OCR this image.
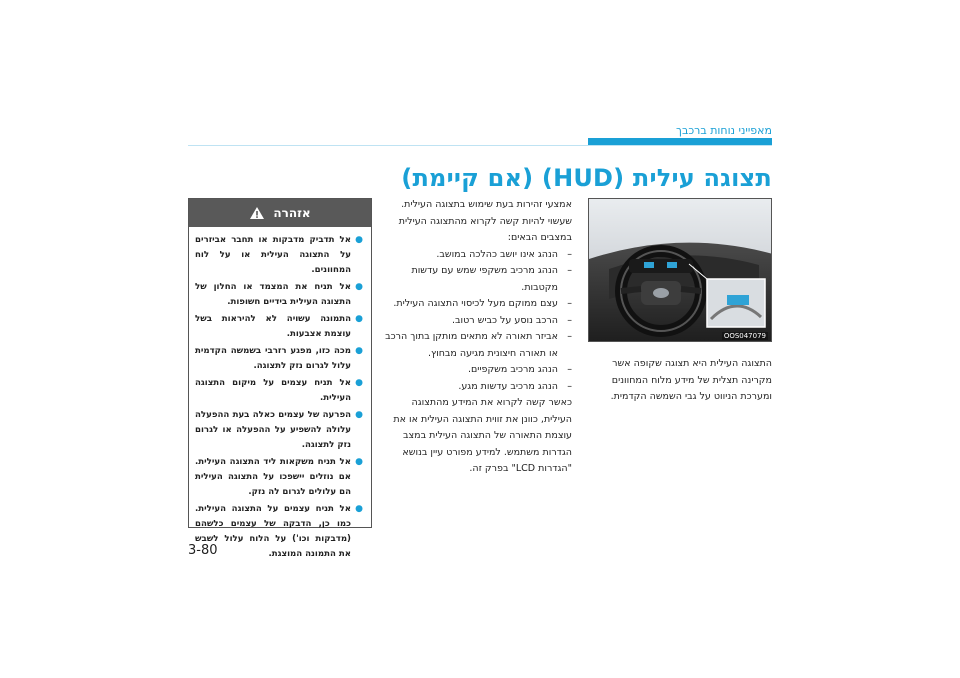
מאפייני נוחות ברכבך
תצוגה עילית (HUD) (אם קיימת)
OOS047079
התצוגה העילית היא תצוגה שקופה אשר מקרינה תצלית של מידע מלוח המחוונים ומערכת הניווט על גבי השמשה הקדמית.

אמצעי זהירות בעת שימוש בתצוגה העילית. שעשוי להיות קשה לקרוא מהתצוגה העילית במצבים הבאים:

–
הנהג אינו יושב כהלכה במושב.
–
הנהג מרכיב משקפי שמש עם עדשות מקטבות.
–
עצם ממוקם מעל לכיסוי התצוגה העילית.
–
הרכב נוסע על כביש רטוב.
–
אביזר תאורה לא מתאים מותקן בתוך הרכב או תאורה חיצונית מגיעה מבחוץ.
–
הנהג מרכיב משקפיים.
–
הנהג מרכיב עדשות מגע.

כאשר קשה לקרוא את המידע מהתצוגה העילית, כוונן את זווית התצוגה העילית או את עוצמת התאורה של התצוגה העילית במצב הגדרות משתמש. למידע מפורט עיין בנושא "הגדרות LCD" בפרק זה.

אזהרה
●
אל תדביק מדבקות או תחבר אביזרים על התצוגה העילית או על לוח המחוונים.
●
אל תניח את המצמד או החלון של התצוגה העילית בידיים חשופות.
●
התמונה עשויה לא להיראות בשל עוצמת אצבעות.
●
מכה כזו, מפגע רזרבי בשמשה הקדמית עלול לגרום נזק לתצוגה.
●
אל תניח עצמים על מיקום התצוגה העילית.
●
הפרעה של עצמים כאלה בעת ההפעלה עלולה להשפיע על ההפעלה או לגרום נזק לתצוגה.
●
אל תניח משקאות ליד התצוגה העילית. אם נוזלים יישפכו על התצוגה העילית הם עלולים לגרום לה נזק.
●
אל תניח עצמים על התצוגה העילית. כמו כן, הדבקה של עצמים כלשהם (מדבקות וכו') על הלוח עלול לשבש את התמונה המוצגת.
3-80
